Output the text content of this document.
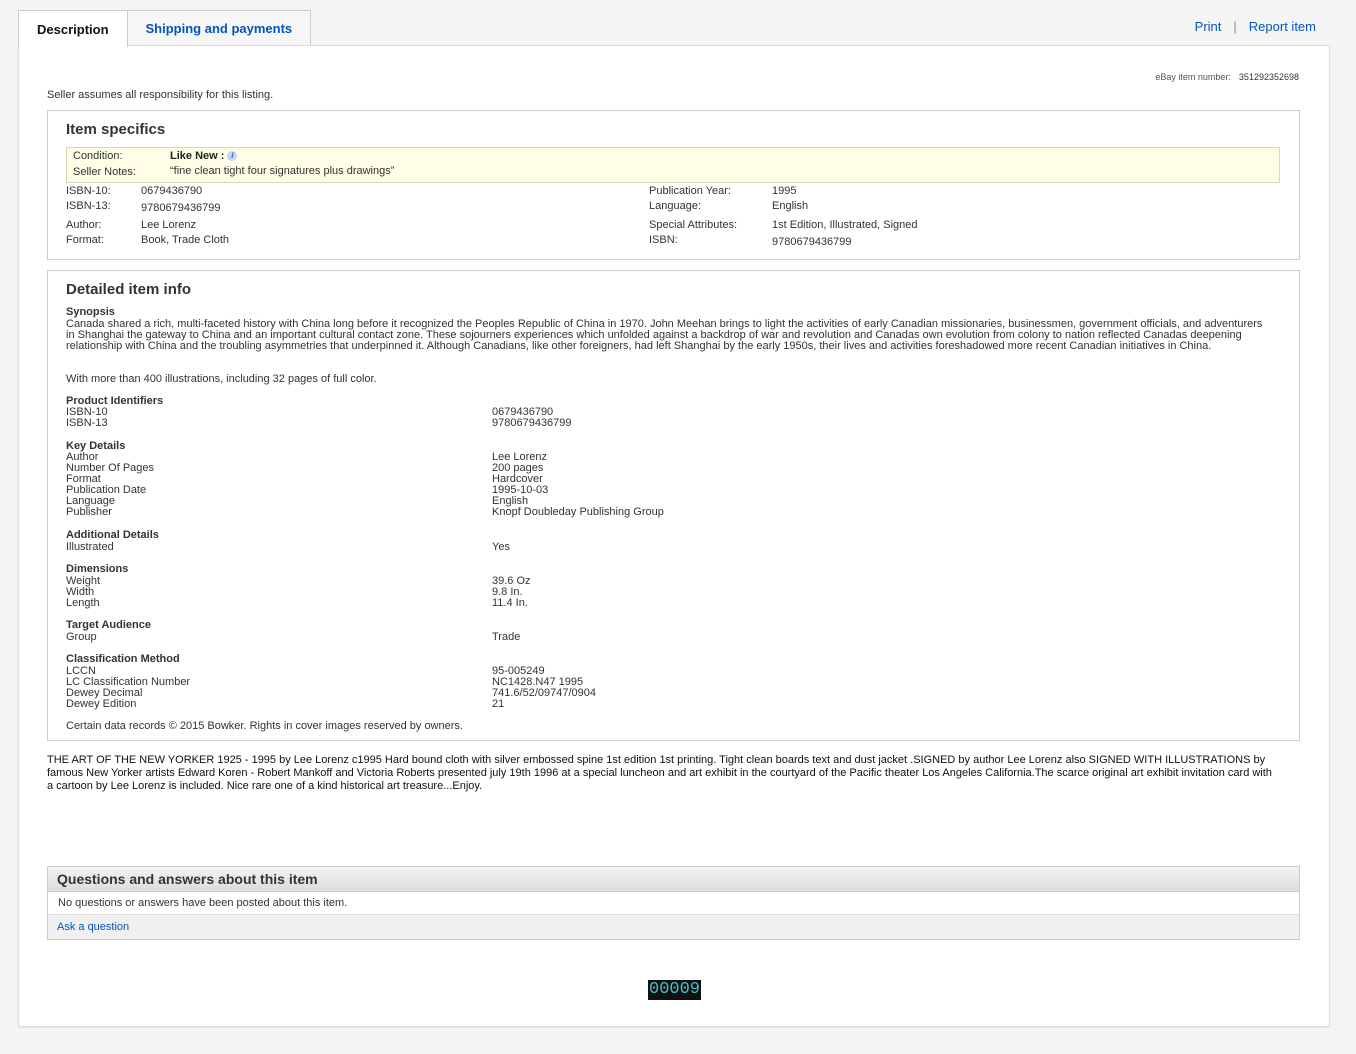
Description	Shipping and payments	Print | Report item
eBay item number: 351292352698
Seller assumes all responsibility for this listing.
Item specifics
Condition:	Like New : i
Seller Notes:	“fine clean tight four signatures plus drawings”
ISBN-10:	0679436790
ISBN-13:	9780679436799
Author:	Lee Lorenz
Format:	Book, Trade Cloth
Publication Year:	1995
Language:	English
Special Attributes:	1st Edition, Illustrated, Signed
ISBN:	9780679436799
Detailed item info
Synopsis
Canada shared a rich, multi-faceted history with China long before it recognized the Peoples Republic of China in 1970. John Meehan brings to light the activities of early Canadian missionaries, businessmen, government officials, and adventurers in Shanghai the gateway to China and an important cultural contact zone. These sojourners experiences which unfolded against a backdrop of war and revolution and Canadas own evolution from colony to nation reflected Canadas deepening relationship with China and the troubling asymmetries that underpinned it. Although Canadians, like other foreigners, had left Shanghai by the early 1950s, their lives and activities foreshadowed more recent Canadian initiatives in China.
With more than 400 illustrations, including 32 pages of full color.
Product Identifiers
ISBN-10	0679436790
ISBN-13	9780679436799
Key Details
Author	Lee Lorenz
Number Of Pages	200 pages
Format	Hardcover
Publication Date	1995-10-03
Language	English
Publisher	Knopf Doubleday Publishing Group
Additional Details
Illustrated	Yes
Dimensions
Weight	39.6 Oz
Width	9.8 In.
Length	11.4 In.
Target Audience
Group	Trade
Classification Method
LCCN	95-005249
LC Classification Number	NC1428.N47 1995
Dewey Decimal	741.6/52/09747/0904
Dewey Edition	21
Certain data records © 2015 Bowker. Rights in cover images reserved by owners.
THE ART OF THE NEW YORKER 1925 - 1995 by Lee Lorenz c1995 Hard bound cloth with silver embossed spine 1st edition 1st printing. Tight clean boards text and dust jacket .SIGNED by author Lee Lorenz also SIGNED WITH ILLUSTRATIONS by famous New Yorker artists Edward Koren - Robert Mankoff and Victoria Roberts presented july 19th 1996 at a special luncheon and art exhibit in the courtyard of the Pacific theater Los Angeles California.The scarce original art exhibit invitation card with a cartoon by Lee Lorenz is included. Nice rare one of a kind historical art treasure...Enjoy.
Questions and answers about this item
No questions or answers have been posted about this item.
Ask a question
00009
